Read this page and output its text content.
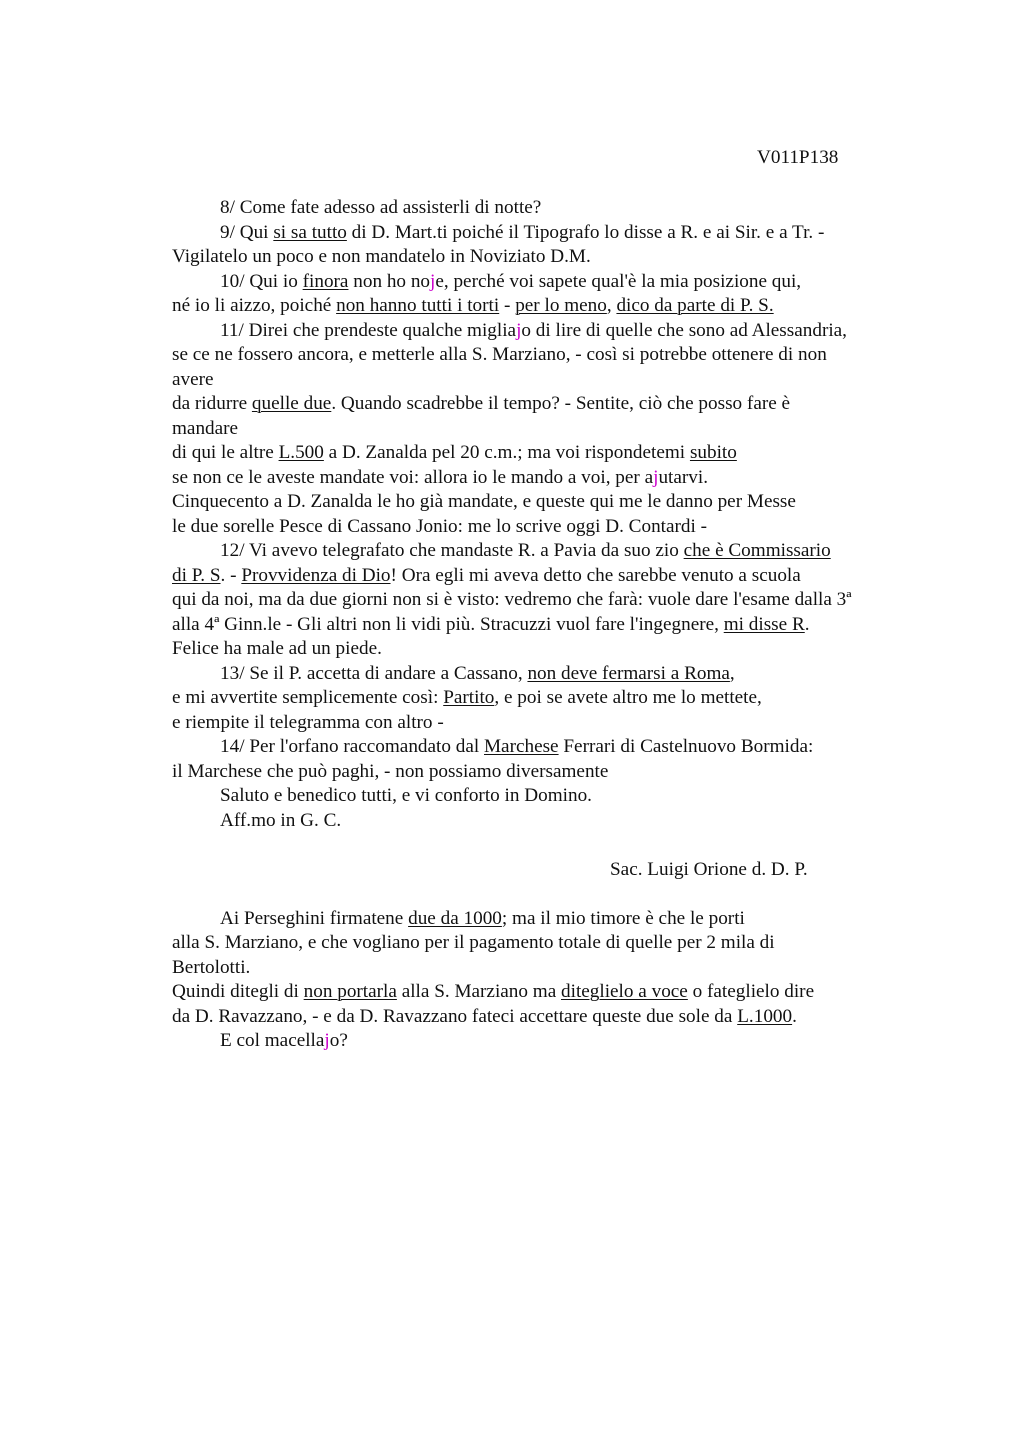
V011P138
8/ Come fate adesso ad assisterli di notte?
9/ Qui si sa tutto di D. Mart.ti poiché il Tipografo lo disse a R. e ai Sir. e a Tr. -
Vigilatelo un poco e non mandatelo in Noviziato D.M.
10/ Qui io finora non ho noje, perché voi sapete qual'è la mia posizione qui,
né io li aizzo, poiché non hanno tutti i torti - per lo meno, dico da parte di P. S.
11/ Direi che prendeste qualche migliajo di lire di quelle che sono ad Alessandria,
se ce ne fossero ancora, e metterle alla S. Marziano, - così si potrebbe ottenere di non
avere
da ridurre quelle due. Quando scadrebbe il tempo? - Sentite, ciò che posso fare è
mandare
di qui le altre L.500 a D. Zanalda pel 20 c.m.; ma voi rispondetemi subito
se non ce le aveste mandate voi: allora io le mando a voi, per ajutarvi.
Cinquecento a D. Zanalda le ho già mandate, e queste qui me le danno per Messe
le due sorelle Pesce di Cassano Jonio: me lo scrive oggi D. Contardi -
12/ Vi avevo telegrafato che mandaste R. a Pavia da suo zio che è Commissario
di P. S. - Provvidenza di Dio! Ora egli mi aveva detto che sarebbe venuto a scuola
qui da noi, ma da due giorni non si è visto: vedremo che farà: vuole dare l'esame dalla 3ª
alla 4ª Ginn.le - Gli altri non li vidi più. Stracuzzi vuol fare l'ingegnere, mi disse R.
Felice ha male ad un piede.
13/ Se il P. accetta di andare a Cassano, non deve fermarsi a Roma,
e mi avvertite semplicemente così: Partito, e poi se avete altro me lo mettete,
e riempite il telegramma con altro -
14/ Per l'orfano raccomandato dal Marchese Ferrari di Castelnuovo Bormida:
il Marchese che può paghi, - non possiamo diversamente
Saluto e benedico tutti, e vi conforto in Domino.
Aff.mo in G. C.
Sac. Luigi Orione d. D. P.
Ai Perseghini firmatene due da 1000; ma il mio timore è che le porti
alla S. Marziano, e che vogliano per il pagamento totale di quelle per 2 mila di
Bertolotti.
Quindi ditegli di non portarla alla S. Marziano ma diteglielo a voce o fateglielo dire
da D. Ravazzano, - e da D. Ravazzano fateci accettare queste due sole da L.1000.
E col macellajo?
